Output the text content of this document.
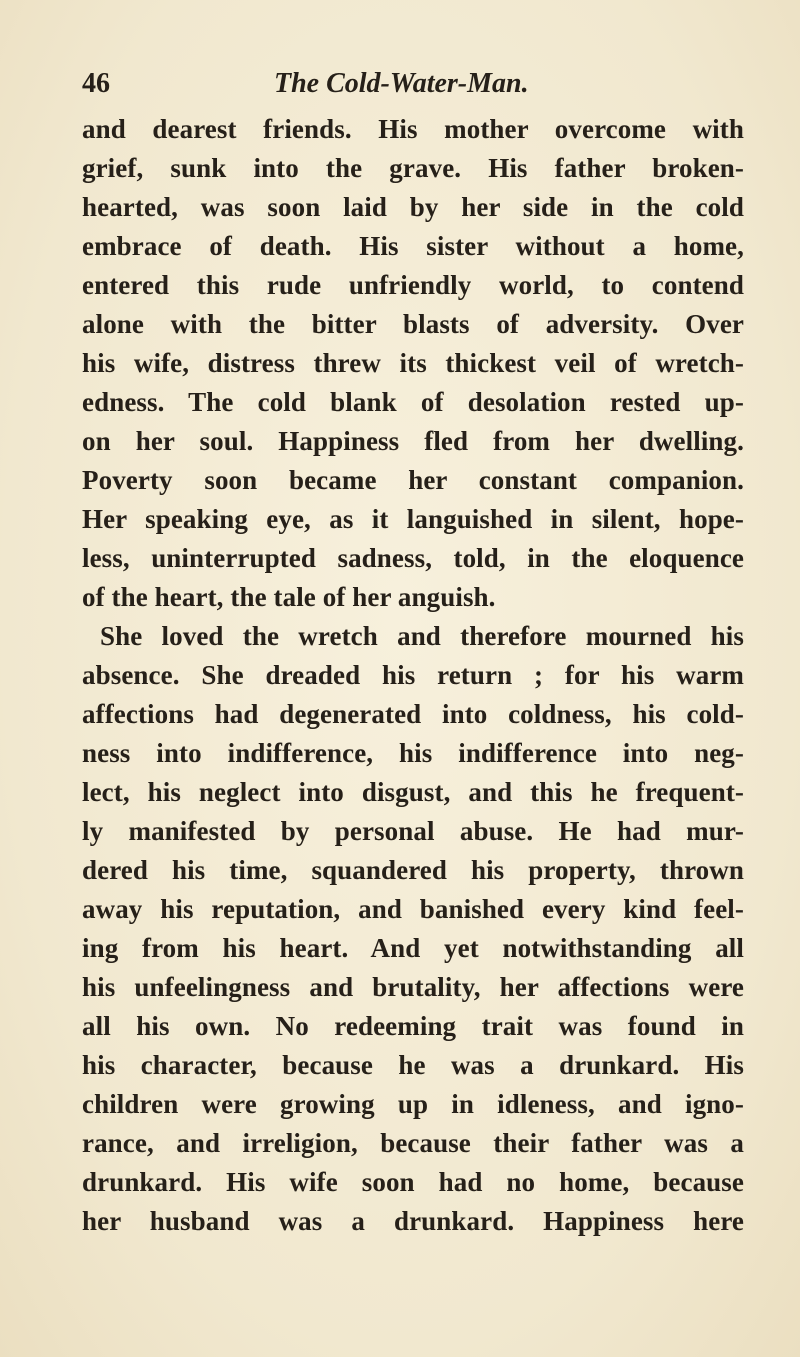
46	The Cold-Water-Man.
and dearest friends. His mother overcome with
grief, sunk into the grave. His father broken-
hearted, was soon laid by her side in the cold
embrace of death. His sister without a home,
entered this rude unfriendly world, to contend
alone with the bitter blasts of adversity. Over
his wife, distress threw its thickest veil of wretch-
edness. The cold blank of desolation rested up-
on her soul. Happiness fled from her dwelling.
Poverty soon became her constant companion.
Her speaking eye, as it languished in silent, hope-
less, uninterrupted sadness, told, in the eloquence
of the heart, the tale of her anguish.
She loved the wretch and therefore mourned his
absence. She dreaded his return ; for his warm
affections had degenerated into coldness, his cold-
ness into indifference, his indifference into neg-
lect, his neglect into disgust, and this he frequent-
ly manifested by personal abuse. He had mur-
dered his time, squandered his property, thrown
away his reputation, and banished every kind feel-
ing from his heart. And yet notwithstanding all
his unfeelingness and brutality, her affections were
all his own. No redeeming trait was found in
his character, because he was a drunkard. His
children were growing up in idleness, and igno-
rance, and irreligion, because their father was a
drunkard. His wife soon had no home, because
her husband was a drunkard. Happiness here
